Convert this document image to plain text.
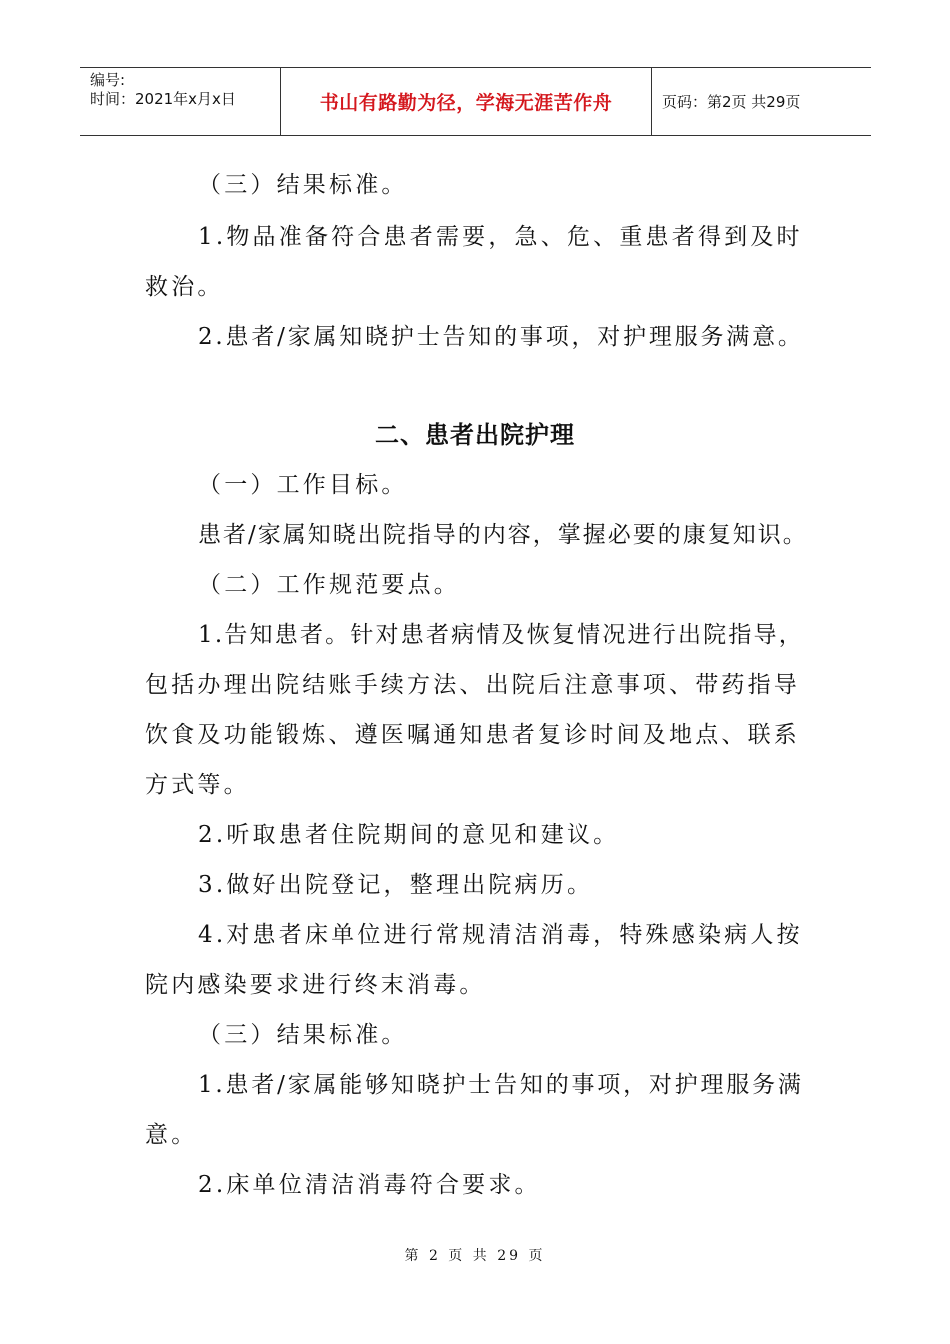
编号:
时间：2021年x月x日	书山有路勤为径，学海无涯苦作舟	页码：第2页 共29页
（三）结果标准。
1.物品准备符合患者需要，急、危、重患者得到及时
救治。
2.患者/家属知晓护士告知的事项，对护理服务满意。
二、患者出院护理
（一）工作目标。
患者/家属知晓出院指导的内容，掌握必要的康复知识。
（二）工作规范要点。
1.告知患者。针对患者病情及恢复情况进行出院指导，
包括办理出院结账手续方法、出院后注意事项、带药指导
饮食及功能锻炼、遵医嘱通知患者复诊时间及地点、联系
方式等。
2.听取患者住院期间的意见和建议。
3.做好出院登记，整理出院病历。
4.对患者床单位进行常规清洁消毒，特殊感染病人按
院内感染要求进行终末消毒。
（三）结果标准。
1.患者/家属能够知晓护士告知的事项，对护理服务满
意。
2.床单位清洁消毒符合要求。
第 2 页 共 29 页
